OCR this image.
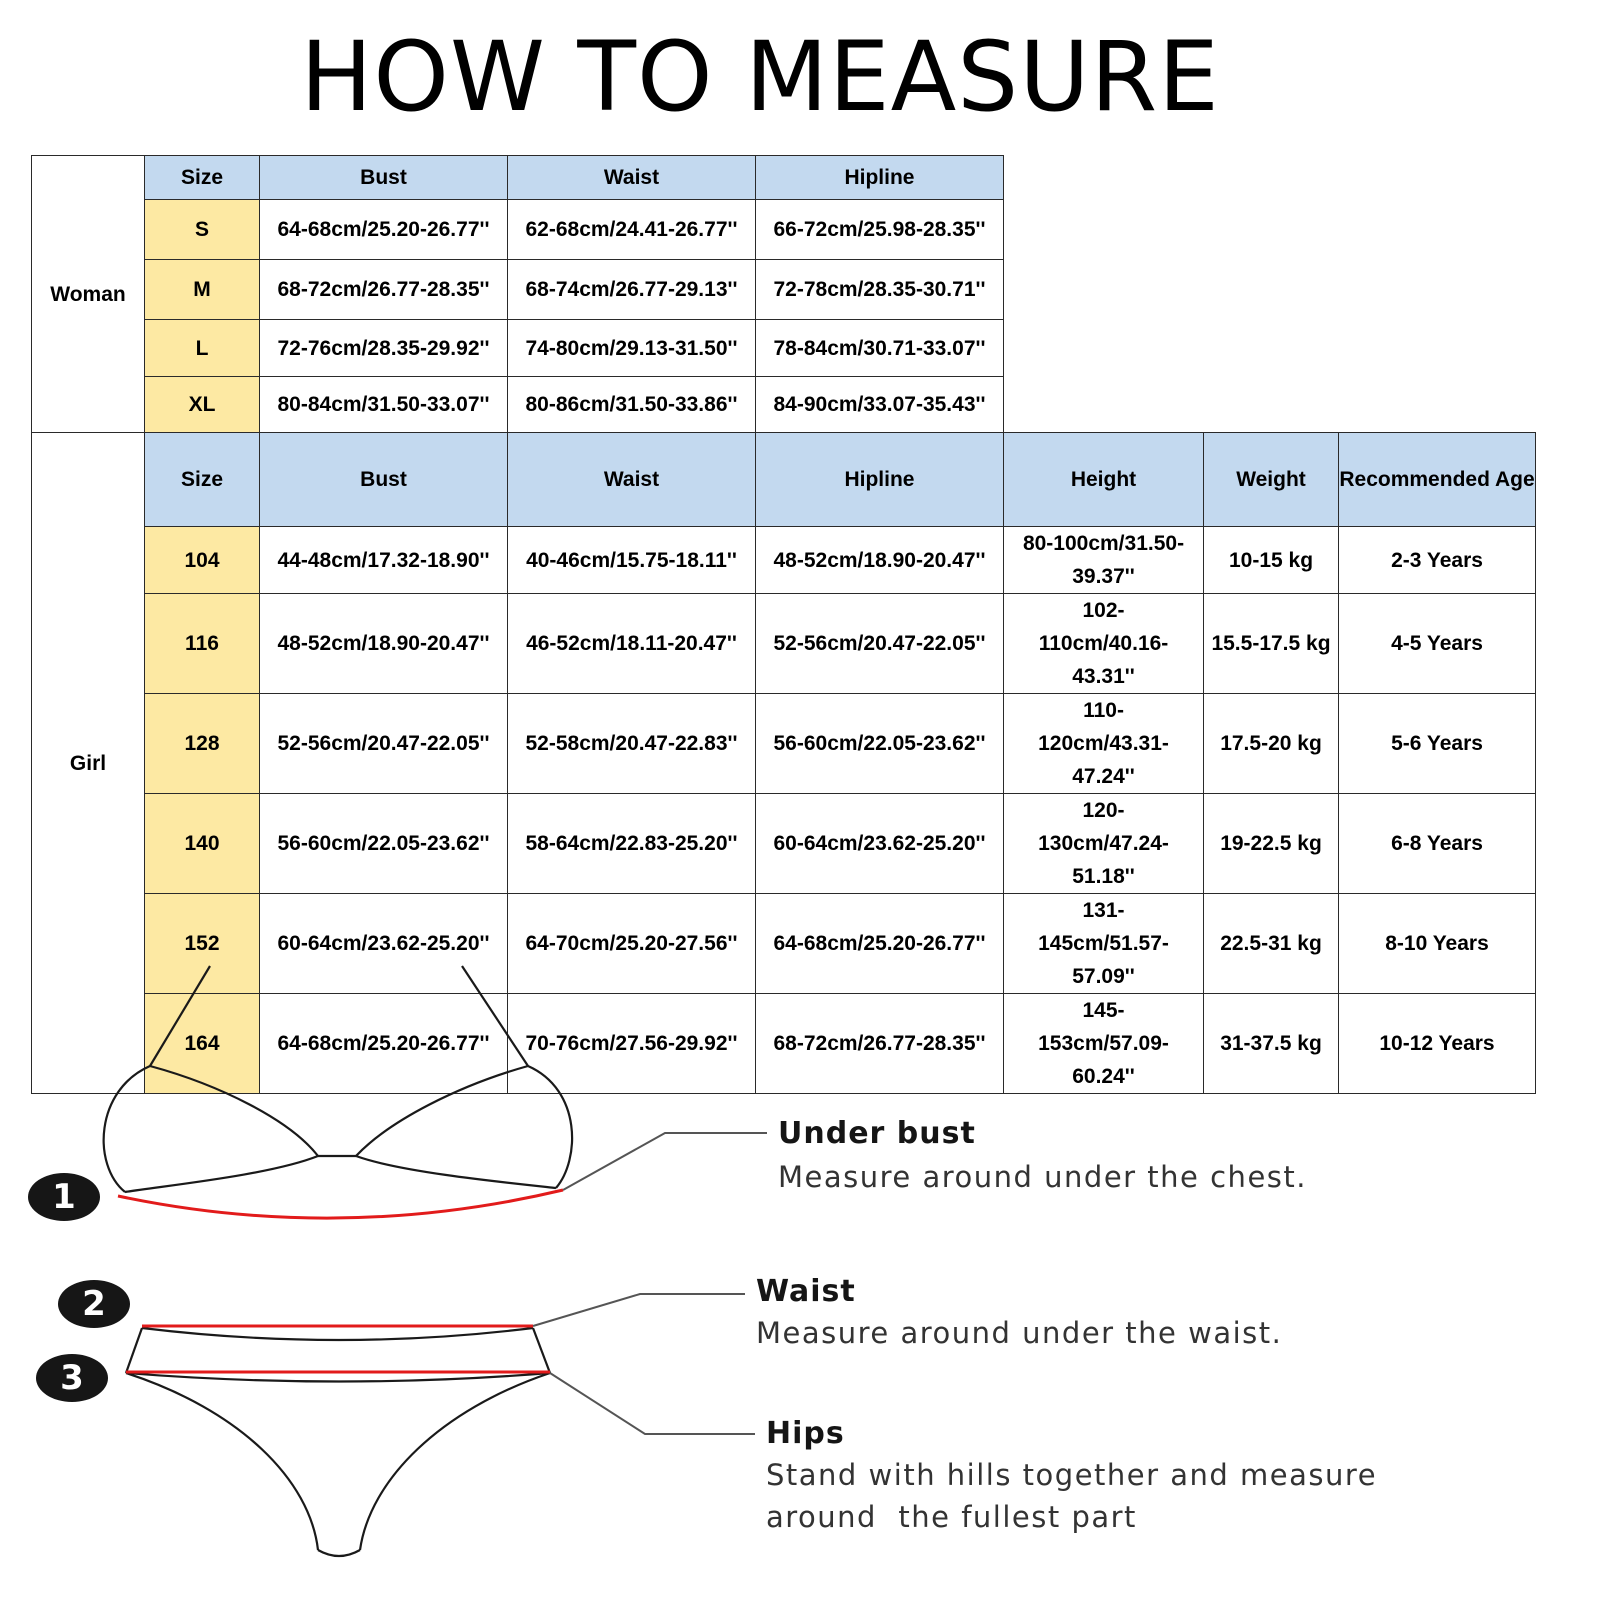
HOW TO MEASURE
Woman	Size	Bust	Waist	Hipline			
	S	64-68cm/25.20-26.77''	62-68cm/24.41-26.77''	66-72cm/25.98-28.35''			
	M	68-72cm/26.77-28.35''	68-74cm/26.77-29.13''	72-78cm/28.35-30.71''			
	L	72-76cm/28.35-29.92''	74-80cm/29.13-31.50''	78-84cm/30.71-33.07''			
	XL	80-84cm/31.50-33.07''	80-86cm/31.50-33.86''	84-90cm/33.07-35.43''			
Girl	Size	Bust	Waist	Hipline	Height	Weight	Recommended Age
	104	44-48cm/17.32-18.90''	40-46cm/15.75-18.11''	48-52cm/18.90-20.47''	80-100cm/31.50-39.37''	10-15 kg	2-3 Years
	116	48-52cm/18.90-20.47''	46-52cm/18.11-20.47''	52-56cm/20.47-22.05''	102-110cm/40.16-43.31''	15.5-17.5 kg	4-5 Years
	128	52-56cm/20.47-22.05''	52-58cm/20.47-22.83''	56-60cm/22.05-23.62''	110-120cm/43.31-47.24''	17.5-20 kg	5-6 Years
	140	56-60cm/22.05-23.62''	58-64cm/22.83-25.20''	60-64cm/23.62-25.20''	120-130cm/47.24-51.18''	19-22.5 kg	6-8 Years
	152	60-64cm/23.62-25.20''	64-70cm/25.20-27.56''	64-68cm/25.20-26.77''	131-145cm/51.57-57.09''	22.5-31 kg	8-10 Years
	164	64-68cm/25.20-26.77''	70-76cm/27.56-29.92''	68-72cm/26.77-28.35''	145-153cm/57.09-60.24''	31-37.5 kg	10-12 Years
1
2
3
Under bust
Measure around under the chest.
Waist
Measure around under the waist.
Hips
Stand with hills together and measure
around  the fullest part
